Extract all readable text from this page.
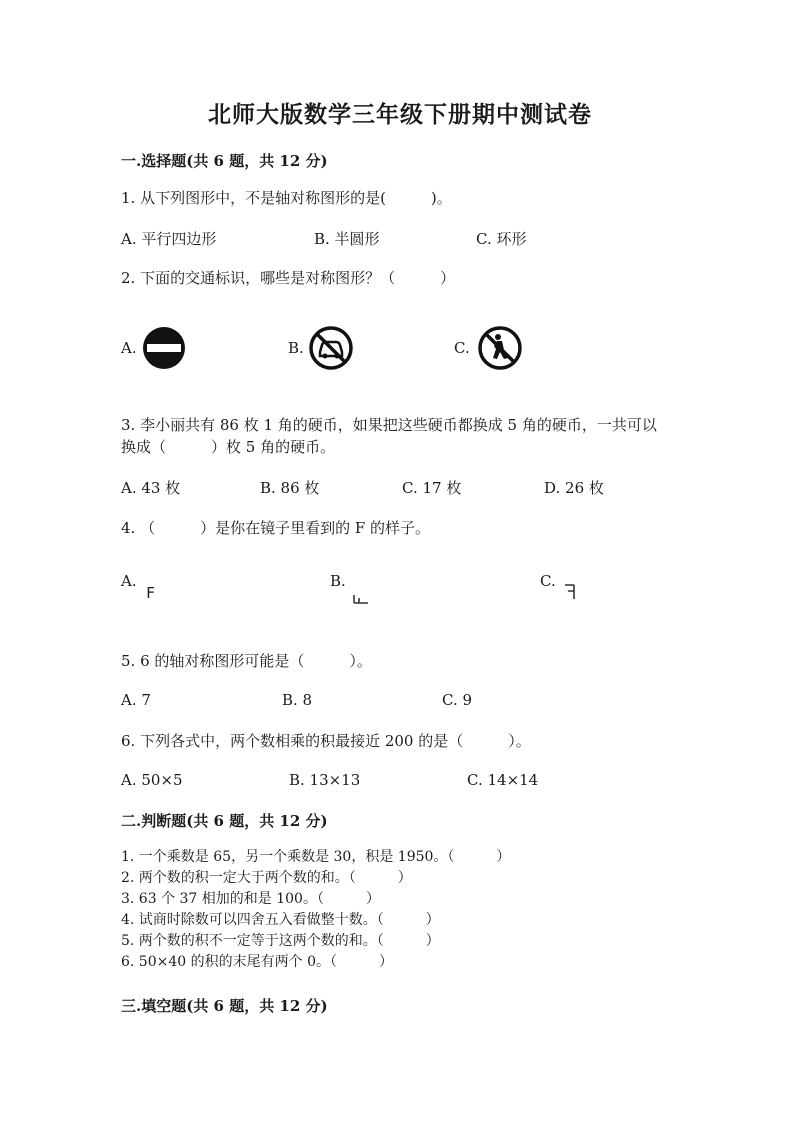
北师大版数学三年级下册期中测试卷
一.选择题(共 6 题，共 12 分)
1. 从下列图形中，不是轴对称图形的是(　　　)。
A. 平行四边形	B. 半圆形	C. 环形
2. 下面的交通标识，哪些是对称图形？（　　　）
A.	B.	C.
3. 李小丽共有 86 枚 1 角的硬币，如果把这些硬币都换成 5 角的硬币，一共可以
换成（　　　）枚 5 角的硬币。
A. 43 枚	B. 86 枚	C. 17 枚	D. 26 枚
4. （　　　）是你在镜子里看到的 F 的样子。
A.
F
B.	C.
5. 6 的轴对称图形可能是（　　　）。
A. 7	B. 8	C. 9
6. 下列各式中，两个数相乘的积最接近 200 的是（　　　）。
A. 50×5	B. 13×13	C. 14×14
二.判断题(共 6 题，共 12 分)
1. 一个乘数是 65，另一个乘数是 30，积是 1950。（　　　）
2. 两个数的积一定大于两个数的和。（　　　）
3. 63 个 37 相加的和是 100。（　　　）
4. 试商时除数可以四舍五入看做整十数。（　　　）
5. 两个数的积不一定等于这两个数的和。（　　　）
6. 50×40 的积的末尾有两个 0。（　　　）
三.填空题(共 6 题，共 12 分)
